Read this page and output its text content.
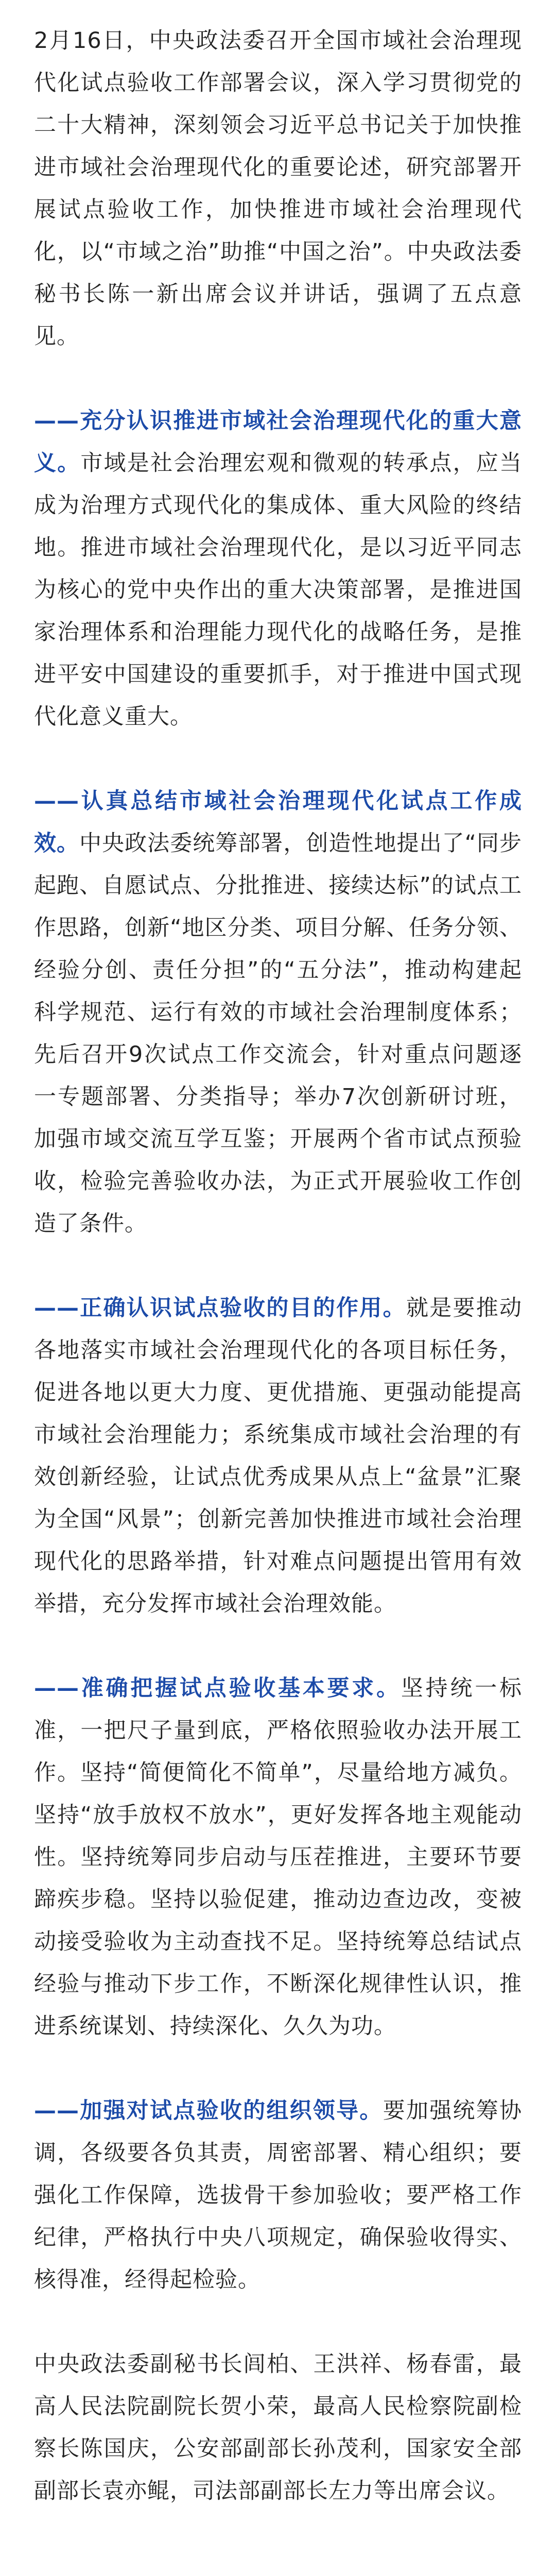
2月16日，中央政法委召开全国市域社会治理现代化试点验收工作部署会议，深入学习贯彻党的二十大精神，深刻领会习近平总书记关于加快推进市域社会治理现代化的重要论述，研究部署开展试点验收工作，加快推进市域社会治理现代化，以“市域之治”助推“中国之治”。中央政法委秘书长陈一新出席会议并讲话，强调了五点意见。

——充分认识推进市域社会治理现代化的重大意义。市域是社会治理宏观和微观的转承点，应当成为治理方式现代化的集成体、重大风险的终结地。推进市域社会治理现代化，是以习近平同志为核心的党中央作出的重大决策部署，是推进国家治理体系和治理能力现代化的战略任务，是推进平安中国建设的重要抓手，对于推进中国式现代化意义重大。

——认真总结市域社会治理现代化试点工作成效。中央政法委统筹部署，创造性地提出了“同步起跑、自愿试点、分批推进、接续达标”的试点工作思路，创新“地区分类、项目分解、任务分领、经验分创、责任分担”的“五分法”，推动构建起科学规范、运行有效的市域社会治理制度体系；先后召开9次试点工作交流会，针对重点问题逐一专题部署、分类指导；举办7次创新研讨班，加强市域交流互学互鉴；开展两个省市试点预验收，检验完善验收办法，为正式开展验收工作创造了条件。

——正确认识试点验收的目的作用。就是要推动各地落实市域社会治理现代化的各项目标任务，促进各地以更大力度、更优措施、更强动能提高市域社会治理能力；系统集成市域社会治理的有效创新经验，让试点优秀成果从点上“盆景”汇聚为全国“风景”；创新完善加快推进市域社会治理现代化的思路举措，针对难点问题提出管用有效举措，充分发挥市域社会治理效能。

——准确把握试点验收基本要求。坚持统一标准，一把尺子量到底，严格依照验收办法开展工作。坚持“简便简化不简单”，尽量给地方减负。坚持“放手放权不放水”，更好发挥各地主观能动性。坚持统筹同步启动与压茬推进，主要环节要蹄疾步稳。坚持以验促建，推动边查边改，变被动接受验收为主动查找不足。坚持统筹总结试点经验与推动下步工作，不断深化规律性认识，推进系统谋划、持续深化、久久为功。

——加强对试点验收的组织领导。要加强统筹协调，各级要各负其责，周密部署、精心组织；要强化工作保障，选拔骨干参加验收；要严格工作纪律，严格执行中央八项规定，确保验收得实、核得准，经得起检验。

中央政法委副秘书长闾柏、王洪祥、杨春雷，最高人民法院副院长贺小荣，最高人民检察院副检察长陈国庆，公安部副部长孙茂利，国家安全部副部长袁亦鲲，司法部副部长左力等出席会议。
